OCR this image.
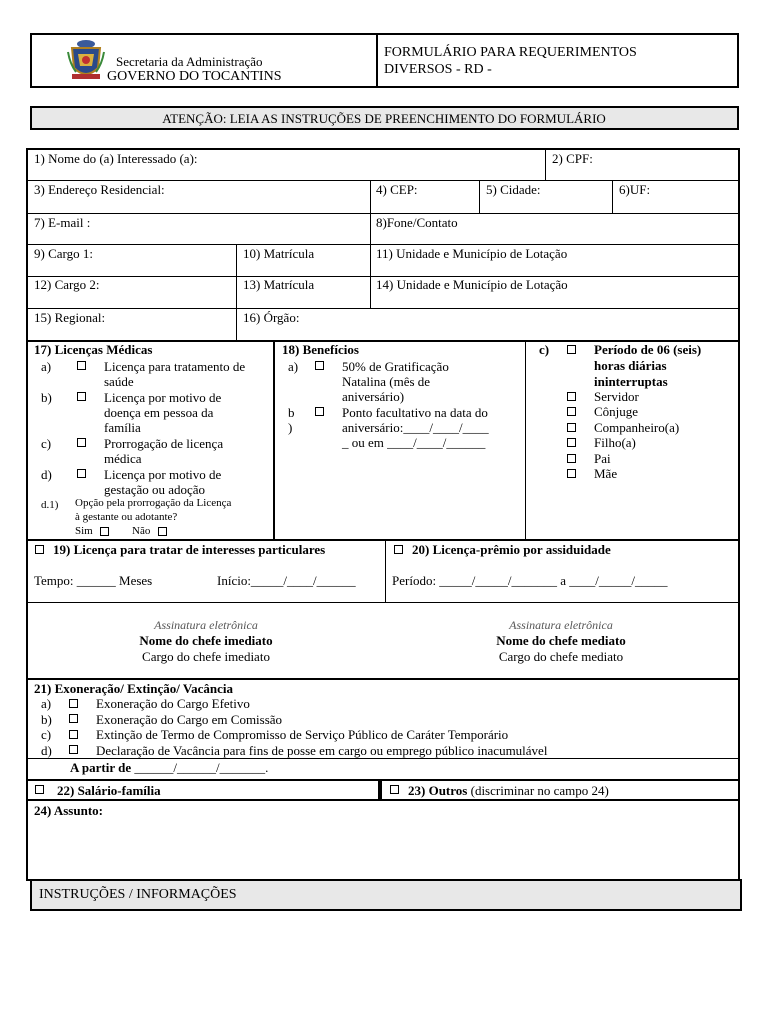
Secretaria da Administração
GOVERNO DO TOCANTINS
FORMULÁRIO PARA REQUERIMENTOS
DIVERSOS - RD -
ATENÇÃO: LEIA AS INSTRUÇÕES DE PREENCHIMENTO DO FORMULÁRIO
1) Nome do (a) Interessado (a):	2) CPF:
3) Endereço Residencial:	4) CEP:	5) Cidade:	6)UF:
7) E-mail :	8)Fone/Contato
9) Cargo 1:	10) Matrícula	11) Unidade e Município de Lotação
12) Cargo 2:	13) Matrícula	14) Unidade e Município de Lotação
15) Regional:	16) Órgão:
17) Licenças Médicas
a)	Licença para tratamento de
saúde
b)	Licença por motivo de
doença em pessoa da
família
c)	Prorrogação de licença
médica
d)	Licença por motivo de
gestação ou adoção
d.1) Opção pela prorrogação da Licença
à gestante ou adotante?
Sim	Não
18) Benefícios
a)	50% de Gratificação
Natalina (mês de
aniversário)
b
)
Ponto facultativo na data do
aniversário:____/____/____
_ ou em ____/____/______
c)	Período de 06 (seis)
horas diárias
ininterruptas
Servidor
Cônjuge
Companheiro(a)
Filho(a)
Pai
Mãe
19) Licença para tratar de interesses particulares
Tempo: ______ Meses	Início:_____/____/______
20) Licença-prêmio por assiduidade
Período: _____/_____/_______ a ____/_____/_____
Assinatura eletrônica
Nome do chefe imediato
Cargo do chefe imediato
Assinatura eletrônica
Nome do chefe mediato
Cargo do chefe mediato
21) Exoneração/ Extinção/ Vacância
a)	Exoneração do Cargo Efetivo
b)	Exoneração do Cargo em Comissão
c)	Extinção de Termo de Compromisso de Serviço Público de Caráter Temporário
d)	Declaração de Vacância para fins de posse em cargo ou emprego público inacumulável
A partir de ______/______/_______.
22) Salário-família	23) Outros (discriminar no campo 24)
24) Assunto:
INSTRUÇÕES / INFORMAÇÕES
